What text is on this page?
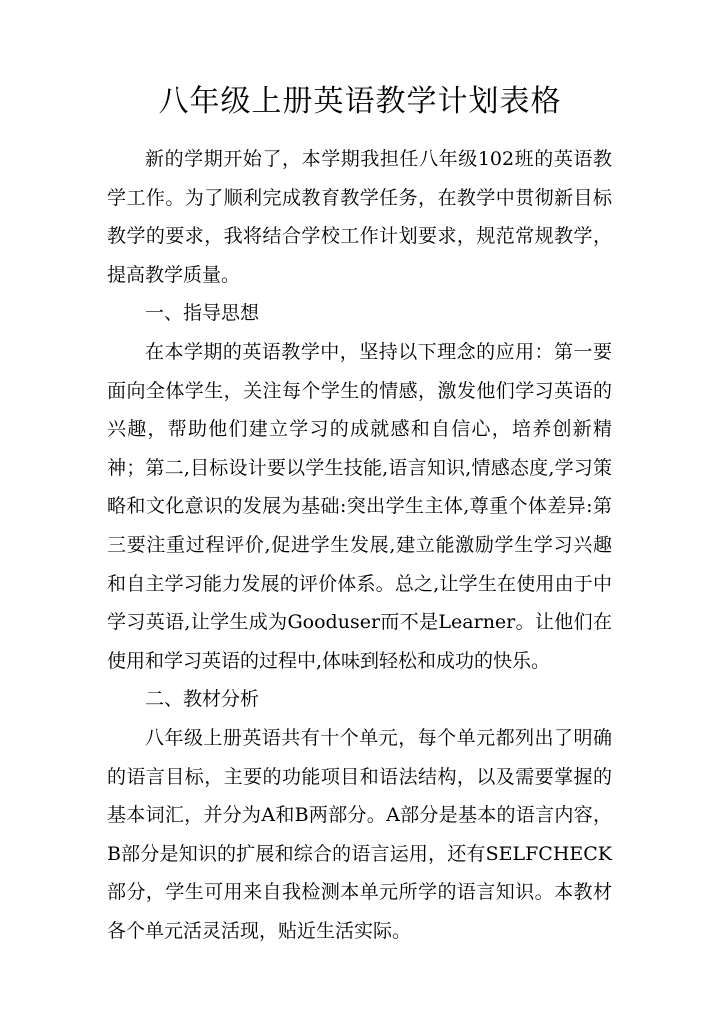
八年级上册英语教学计划表格

新的学期开始了，本学期我担任八年级102班的英语教学工作。为了顺利完成教育教学任务，在教学中贯彻新目标教学的要求，我将结合学校工作计划要求，规范常规教学，提高教学质量。

一、指导思想

在本学期的英语教学中，坚持以下理念的应用：第一要面向全体学生，关注每个学生的情感，激发他们学习英语的兴趣，帮助他们建立学习的成就感和自信心，培养创新精神；第二,目标设计要以学生技能,语言知识,情感态度,学习策略和文化意识的发展为基础:突出学生主体,尊重个体差异:第三要注重过程评价,促进学生发展,建立能激励学生学习兴趣和自主学习能力发展的评价体系。总之,让学生在使用由于中学习英语,让学生成为Gooduser而不是Learner。让他们在使用和学习英语的过程中,体味到轻松和成功的快乐。

二、教材分析

八年级上册英语共有十个单元，每个单元都列出了明确的语言目标，主要的功能项目和语法结构，以及需要掌握的基本词汇，并分为A和B两部分。A部分是基本的语言内容，B部分是知识的扩展和综合的语言运用，还有SELFCHECK部分，学生可用来自我检测本单元所学的语言知识。本教材各个单元活灵活现，贴近生活实际。
